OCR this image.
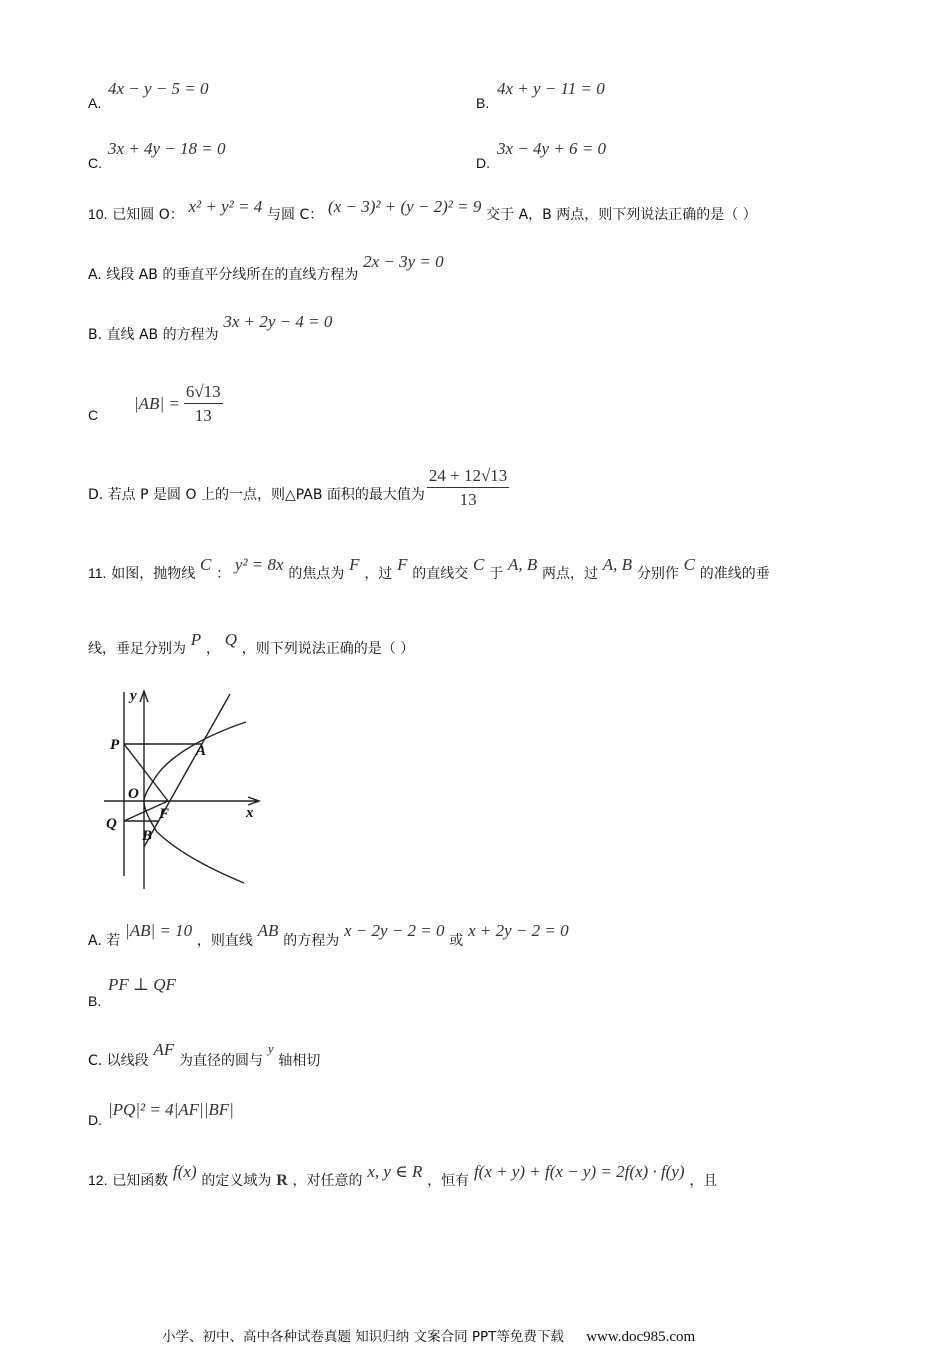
A.
4x − y − 5 = 0
B.
4x + y − 11 = 0
C.
3x + 4y − 18 = 0
D.
3x − 4y + 6 = 0
10. 已知圆 O： x² + y² = 4 与圆 C： (x − 3)² + (y − 2)² = 9 交于 A，B 两点，则下列说法正确的是（ ）
A. 线段 AB 的垂直平分线所在的直线方程为 2x − 3y = 0
B. 直线 AB 的方程为 3x + 2y − 4 = 0
C
$|AB| = \frac{6√13}{13}$
D. 若点 P 是圆 O 上的一点，则△PAB 面积的最大值为 $\frac{24 + 12√13}{13}$
11. 如图，抛物线 C ： y² = 8x 的焦点为 F ，过 F 的直线交 C 于 A, B 两点，过 A, B 分别作 C 的准线的垂
线，垂足分别为 P ， Q ，则下列说法正确的是（ ）
y
x
P	A
O
F
Q
B
A. 若 |AB| = 10 ，则直线 AB 的方程为 x − 2y − 2 = 0 或 x + 2y − 2 = 0
B.
PF ⊥ QF
C. 以线段 AF 为直径的圆与 y 轴相切
D.
|PQ|² = 4|AF||BF|
12. 已知函数 f(x) 的定义域为 R ，对任意的 x, y ∈ R ，恒有 f(x + y) + f(x − y) = 2f(x) · f(y) ，且
小学、初中、高中各种试卷真题 知识归纳 文案合同 PPT等免费下载 www.doc985.com
